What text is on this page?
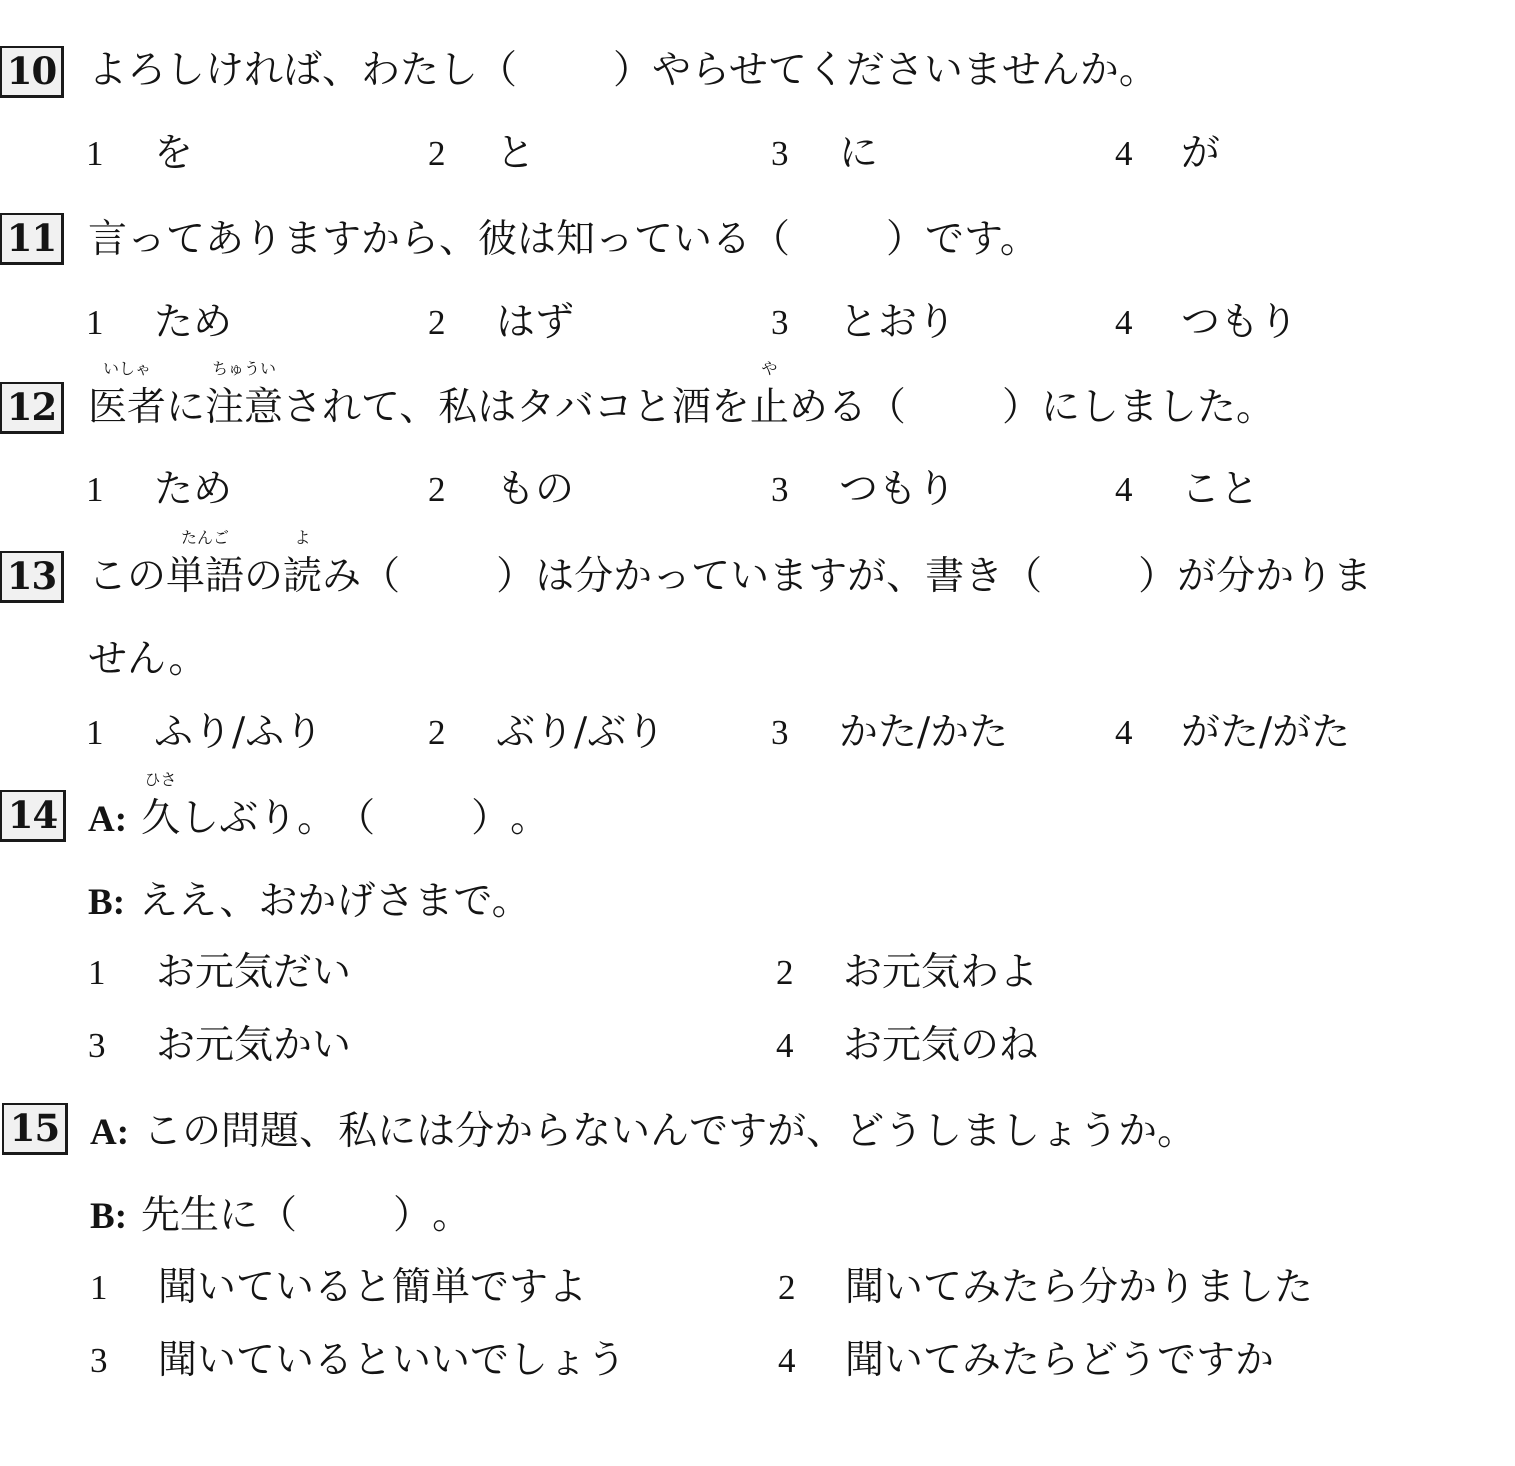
10 よろしければ、わたし（ ）やらせてくださいませんか。
1 を	2 と	3 に	4 が
11 言ってありますから、彼は知っている（ ）です。
1 ため	2 はず	3 とおり	4 つもり
12
いしゃ
医者に
ちゅうい
注意されて、私はタバコと酒を
や
止める（ ）にしました。
1 ため	2 もの	3 つもり	4 こと
13 この
たんご
単語の
よ
読み（ ）は分かっていますが、書き（ ）が分かりま
せん。
1 ふり/ふり	2 ぶり/ぶり	3 かた/かた	4 がた/がた
14 A:
ひさ
久しぶり。（ ）。
B: ええ、おかげさまで。
1 お元気だい	2 お元気わよ
3 お元気かい	4 お元気のね
15 A: この問題、私には分からないんですが、どうしましょうか。
B: 先生に（ ）。
1 聞いていると簡単ですよ	2 聞いてみたら分かりました
3 聞いているといいでしょう	4 聞いてみたらどうですか
